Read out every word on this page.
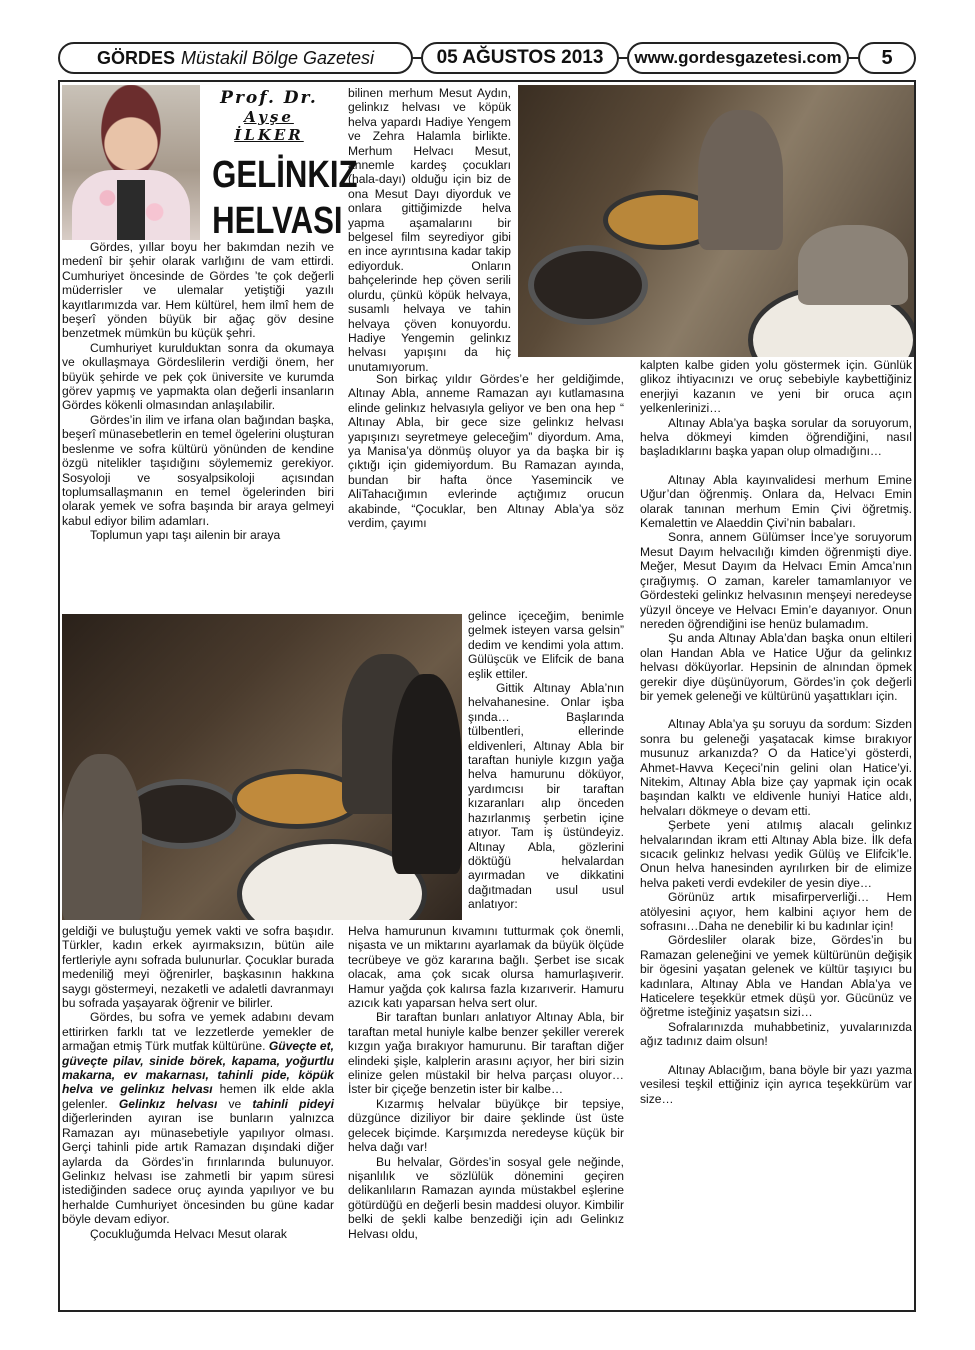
GÖRDES Müstakil Bölge Gazetesi	05 AĞUSTOS 2013	www.gordesgazetesi.com	5
Prof. Dr.
Ayşe
İLKER
GELİNKIZ
HELVASI

Gördes, yıllar boyu her bakımdan nezih ve medenî bir şehir olarak varlığını de vam ettirdi. Cumhuriyet öncesinde de Gördes ’te çok değerli müderrisler ve ulemalar yetiştiği yazılı kayıtlarımızda var. Hem kültürel, hem ilmî hem de beşerî yönden büyük bir ağaç göv desine benzetmek mümkün bu küçük şehri.

Cumhuriyet kurulduktan sonra da okumaya ve okullaşmaya Gördeslilerin verdiği önem, her büyük şehirde ve pek çok üniversite ve kurumda görev yapmış ve yapmakta olan değerli insanların Gördes kökenli olmasından anlaşılabilir.

Gördes’in ilim ve irfana olan bağından başka, beşerî münasebetlerin en temel ögelerini oluşturan beslenme ve sofra kültürü yönünden de kendine özgü nitelikler taşıdığını söylememiz gerekiyor. Sosyoloji ve sosyalpsikoloji açısından toplumsallaşmanın en temel ögelerinden biri olarak yemek ve sofra başında bir araya gelmeyi kabul ediyor bilim adamları.

Toplumun yapı taşı ailenin bir araya

geldiği ve buluştuğu yemek vakti ve sofra başıdır. Türkler, kadın erkek ayırmaksızın, bütün aile fertleriyle aynı sofrada bulunurlar. Çocuklar burada medeniliğ meyi öğrenirler, başkasının hakkına saygı göstermeyi, nezaketli ve adaletli davranmayı bu sofrada yaşayarak öğrenir ve bilirler.

Gördes, bu sofra ve yemek adabını devam ettirirken farklı tat ve lezzetlerde yemekler de armağan etmiş Türk mutfak kültürüne. Güveçte et, güveçte pilav, sinide börek, kapama, yoğurtlu makarna, ev makarnası, tahinli pide, köpük helva ve gelinkız helvası hemen ilk elde akla gelenler. Gelinkız helvası ve tahinli pideyi diğerlerinden ayıran ise bunların yalnızca Ramazan ayı münasebetiyle yapılıyor olması. Gerçi tahinli pide artık Ramazan dışındaki diğer aylarda da Gördes’in fırınlarında bulunuyor. Gelinkız helvası ise zahmetli bir yapım süresi istediğinden sadece oruç ayında yapılıyor ve bu herhalde Cumhuriyet öncesinden bu güne kadar böyle devam ediyor.

Çocukluğumda Helvacı Mesut olarak

bilinen merhum Mesut Aydın, gelinkız helvası ve köpük helva yapardı Hadiye Yengem ve Zehra Halamla birlikte. Merhum Helvacı Mesut, annemle kardeş çocukları (hala-dayı) olduğu için biz de ona Mesut Dayı diyorduk ve onlara gittiğimizde helva yapma aşamalarını bir belgesel film seyrediyor gibi en ince ayrıntısına kadar takip ediyorduk. Onların bahçelerinde hep çöven serili olurdu, çünkü köpük helvaya, susamlı helvaya ve tahin helvaya çöven konuyordu. Hadiye Yengemin gelinkız helvası yapışını da hiç unutamıyorum.

Son birkaç yıldır Gördes’e her geldiğimde, Altınay Abla, anneme Ramazan ayı kutlamasına elinde gelinkız helvasıyla geliyor ve ben ona hep “ Altınay Abla, bir gece size gelinkız helvası yapışınızı seyretmeye geleceğim” diyordum. Ama, ya Manisa’ya dönmüş oluyor ya da başka bir iş çıktığı için gidemiyordum. Bu Ramazan ayında, bundan bir hafta önce Yasemincik ve AliTahacığımın evlerinde açtığımız orucun akabinde, “Çocuklar, ben Altınay Abla’ya söz verdim, çayımı

gelince içeceğim, benimle gelmek isteyen varsa gelsin” dedim ve kendimi yola attım. Gülüşcük ve Elifcik de bana eşlik ettiler.

Gittik Altınay Abla’nın helvahanesine. Onlar işba şında… Başlarında tülbentleri, ellerinde eldivenleri, Altınay Abla bir taraftan huniyle kızgın yağa helva hamurunu döküyor, yardımcısı bir taraftan kızaranları alıp önceden hazırlanmış şerbetin içine atıyor. Tam iş üstündeyiz. Altınay Abla, gözlerini döktüğü helvalardan ayırmadan ve dikkatini dağıtmadan usul usul anlatıyor:

Helva hamurunun kıvamını tutturmak çok önemli, nişasta ve un miktarını ayarlamak da büyük ölçüde tecrübeye ve göz kararına bağlı. Şerbet ise sıcak olacak, ama çok sıcak olursa hamurlaşıverir. Hamur yağda çok kalırsa fazla kızarıverir. Hamuru azıcık katı yaparsan helva sert olur.

Bir taraftan bunları anlatıyor Altınay Abla, bir taraftan metal huniyle kalbe benzer şekiller vererek kızgın yağa bırakıyor hamurunu. Bir taraftan diğer elindeki şişle, kalplerin arasını açıyor, her biri sizin elinize gelen müstakil bir helva parçası oluyor… İster bir çiçeğe benzetin ister bir kalbe…

Kızarmış helvalar büyükçe bir tepsiye, düzgünce diziliyor bir daire şeklinde üst üste gelecek biçimde. Karşımızda neredeyse küçük bir helva dağı var!

Bu helvalar, Gördes’in sosyal gele neğinde, nişanlılık ve sözlülük dönemini geçiren delikanlıların Ramazan ayında müstakbel eşlerine götürdüğü en değerli besin maddesi oluyor. Kimbilir belki de şekli kalbe benzediği için adı Gelinkız Helvası oldu,

kalpten kalbe giden yolu göstermek için. Günlük glikoz ihtiyacınızı ve oruç sebebiyle kaybettiğiniz enerjiyi kazanın ve yeni bir oruca açın yelkenlerinizi…

Altınay Abla’ya başka sorular da soruyorum, helva dökmeyi kimden öğrendiğini, nasıl başladıklarını başka yapan olup olmadığını…

Altınay Abla kayınvalidesi merhum Emine Uğur’dan öğrenmiş. Onlara da, Helvacı Emin olarak tanınan merhum Emin Çivi öğretmiş. Kemalettin ve Alaeddin Çivi’nin babaları.

Sonra, annem Gülümser İnce’ye soruyorum Mesut Dayım helvacılığı kimden öğrenmişti diye. Meğer, Mesut Dayım da Helvacı Emin Amca’nın çırağıymış. O zaman, kareler tamamlanıyor ve Gördesteki gelinkız helvasının menşeyi neredeyse yüzyıl önceye ve Helvacı Emin’e dayanıyor. Onun nereden öğrendiğini ise henüz bulamadım.

Şu anda Altınay Abla’dan başka onun eltileri olan Handan Abla ve Hatice Uğur da gelinkız helvası döküyorlar. Hepsinin de alnından öpmek gerekir diye düşünüyorum, Gördes’in çok değerli bir yemek geleneği ve kültürünü yaşattıkları için.

Altınay Abla’ya şu soruyu da sordum: Sizden sonra bu geleneği yaşatacak kimse bırakıyor musunuz arkanızda? O da Hatice’yi gösterdi, Ahmet-Havva Keçeci’nin gelini olan Hatice’yi. Nitekim, Altınay Abla bize çay yapmak için ocak başından kalktı ve eldivenle huniyi Hatice aldı, helvaları dökmeye o devam etti.

Şerbete yeni atılmış alacalı gelinkız helvalarından ikram etti Altınay Abla bize. İlk defa sıcacık gelinkız helvası yedik Gülüş ve Elifcik’le. Onun helva hanesinden ayrılırken bir de elimize helva paketi verdi evdekiler de yesin diye…

Görünüz artık misafirperverliği… Hem atölyesini açıyor, hem kalbini açıyor hem de sofrasını…Daha ne denebilir ki bu kadınlar için!

Gördesliler olarak bize, Gördes’in bu Ramazan geleneğini ve yemek kültürünün değişik bir ögesini yaşatan gelenek ve kültür taşıyıcı bu kadınlara, Altınay Abla ve Handan Abla’ya ve Haticelere teşekkür etmek düşü yor. Gücünüz ve öğretme isteğiniz yaşatsın sizi…

Sofralarınızda muhabbetiniz, yuvalarınızda ağız tadınız daim olsun!

Altınay Ablacığım, bana böyle bir yazı yazma vesilesi teşkil ettiğiniz için ayrıca teşekkürüm var size…
